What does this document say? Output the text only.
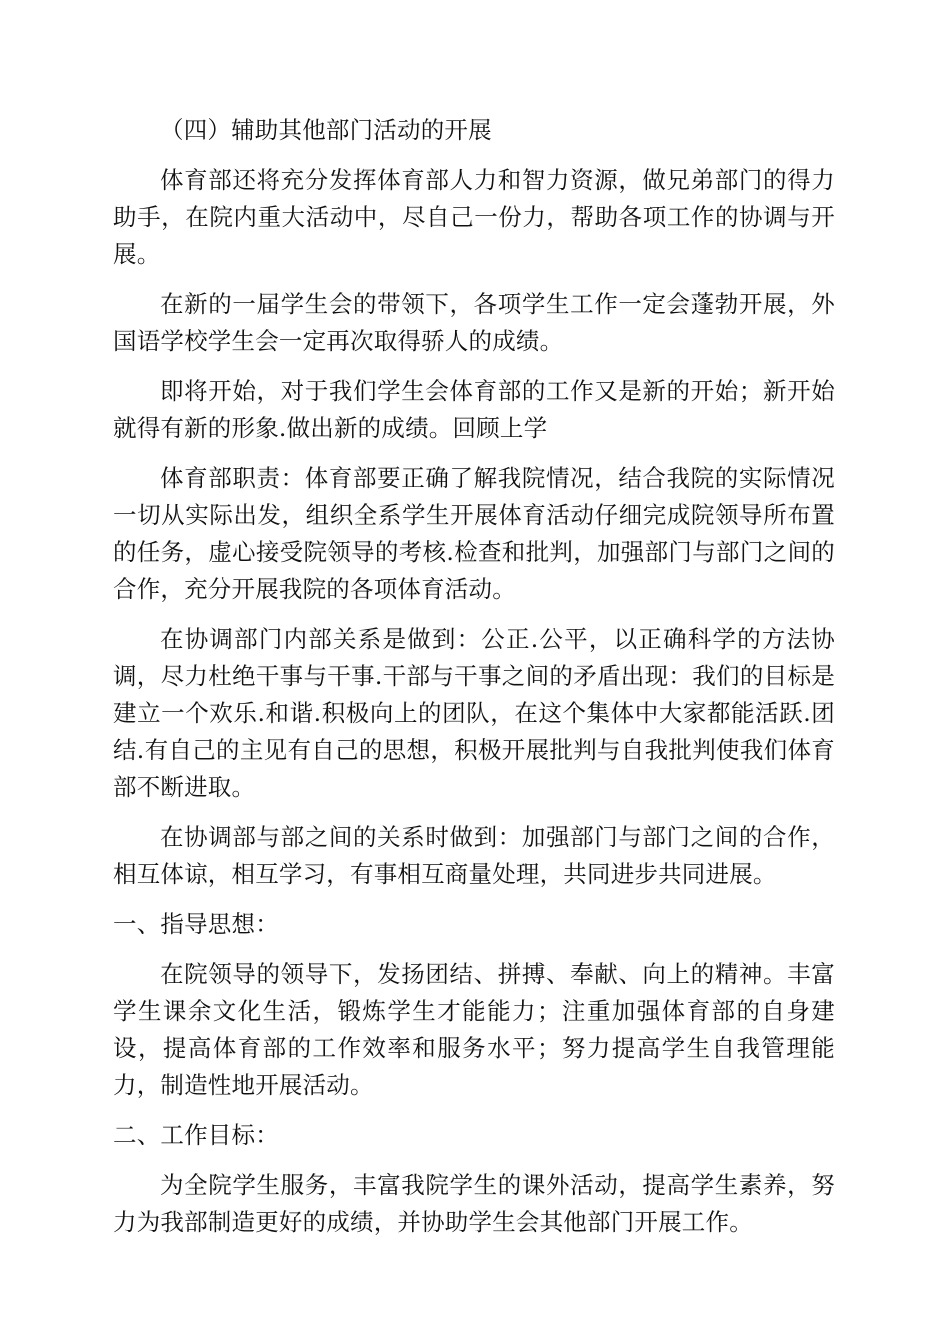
（四）辅助其他部门活动的开展

体育部还将充分发挥体育部人力和智力资源，做兄弟部门的得力助手，在院内重大活动中，尽自己一份力，帮助各项工作的协调与开展。

在新的一届学生会的带领下，各项学生工作一定会蓬勃开展，外国语学校学生会一定再次取得骄人的成绩。

即将开始，对于我们学生会体育部的工作又是新的开始；新开始就得有新的形象.做出新的成绩。回顾上学

体育部职责：体育部要正确了解我院情况，结合我院的实际情况一切从实际出发，组织全系学生开展体育活动仔细完成院领导所布置的任务，虚心接受院领导的考核.检查和批判，加强部门与部门之间的合作，充分开展我院的各项体育活动。

在协调部门内部关系是做到：公正.公平，以正确科学的方法协调，尽力杜绝干事与干事.干部与干事之间的矛盾出现：我们的目标是建立一个欢乐.和谐.积极向上的团队，在这个集体中大家都能活跃.团结.有自己的主见有自己的思想，积极开展批判与自我批判使我们体育部不断进取。

在协调部与部之间的关系时做到：加强部门与部门之间的合作，相互体谅，相互学习，有事相互商量处理，共同进步共同进展。

一、指导思想：

在院领导的领导下，发扬团结、拼搏、奉献、向上的精神。丰富学生课余文化生活，锻炼学生才能能力；注重加强体育部的自身建设，提高体育部的工作效率和服务水平；努力提高学生自我管理能力，制造性地开展活动。

二、工作目标：

为全院学生服务，丰富我院学生的课外活动，提高学生素养，努力为我部制造更好的成绩，并协助学生会其他部门开展工作。
